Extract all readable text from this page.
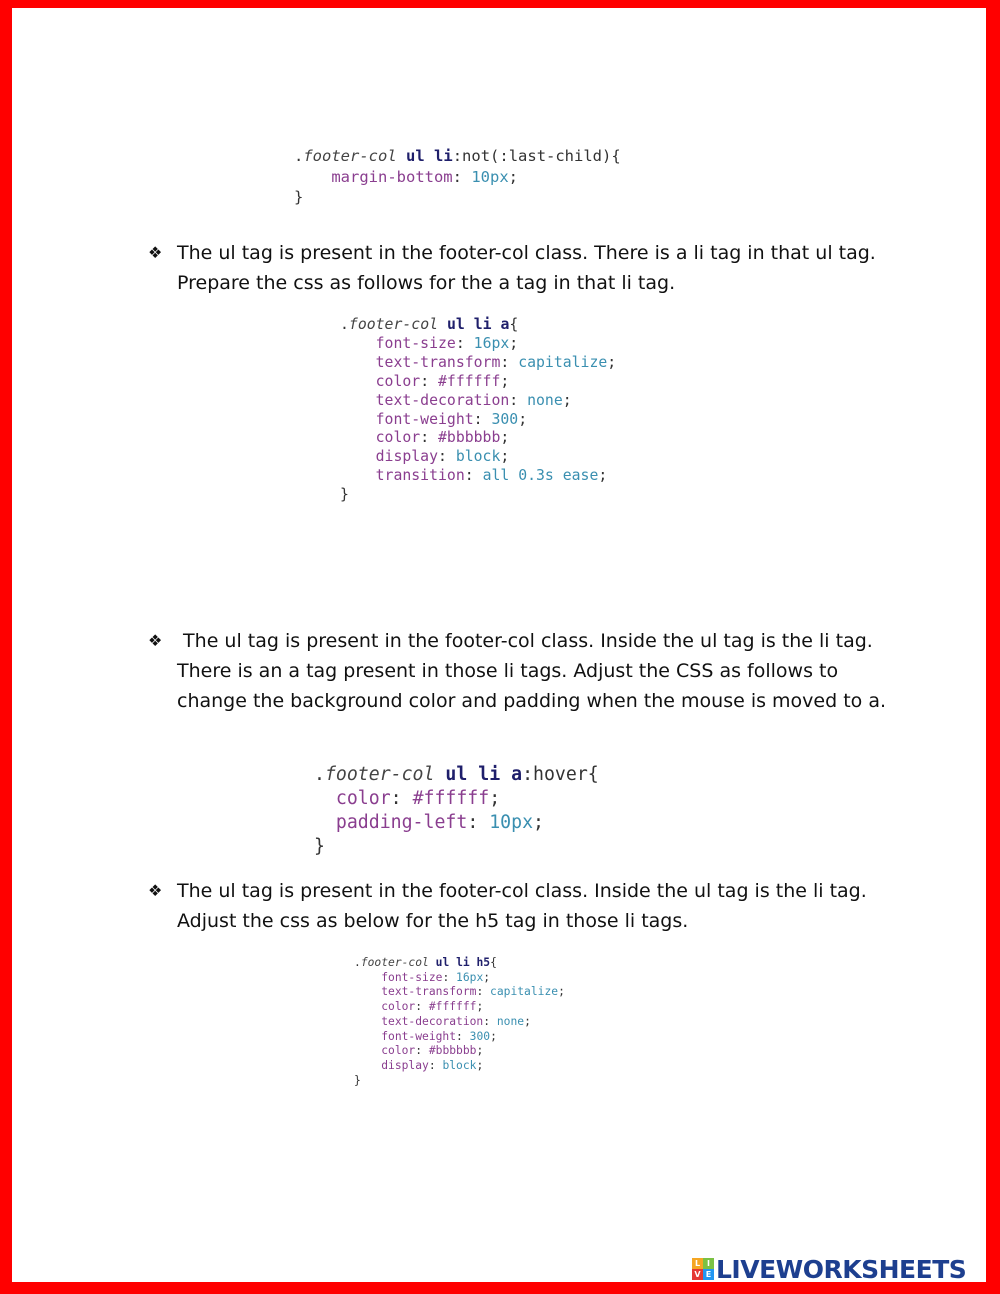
.footer-col ul li:not(:last-child){
margin-bottom: 10px;
}
❖ The ul tag is present in the footer-col class. There is a li tag in that ul tag. Prepare the css as follows for the a tag in that li tag.
.footer-col ul li a{
font-size: 16px;
text-transform: capitalize;
color: #ffffff;
text-decoration: none;
font-weight: 300;
color: #bbbbbb;
display: block;
transition: all 0.3s ease;
}
❖ The ul tag is present in the footer-col class. Inside the ul tag is the li tag. There is an a tag present in those li tags. Adjust the CSS as follows to change the background color and padding when the mouse is moved to a.
.footer-col ul li a:hover{
color: #ffffff;
padding-left: 10px;
}
❖ The ul tag is present in the footer-col class. Inside the ul tag is the li tag. Adjust the css as below for the h5 tag in those li tags.
.footer-col ul li h5{
font-size: 16px;
text-transform: capitalize;
color: #ffffff;
text-decoration: none;
font-weight: 300;
color: #bbbbbb;
display: block;
}
L I
V E LIVEWORKSHEETS
